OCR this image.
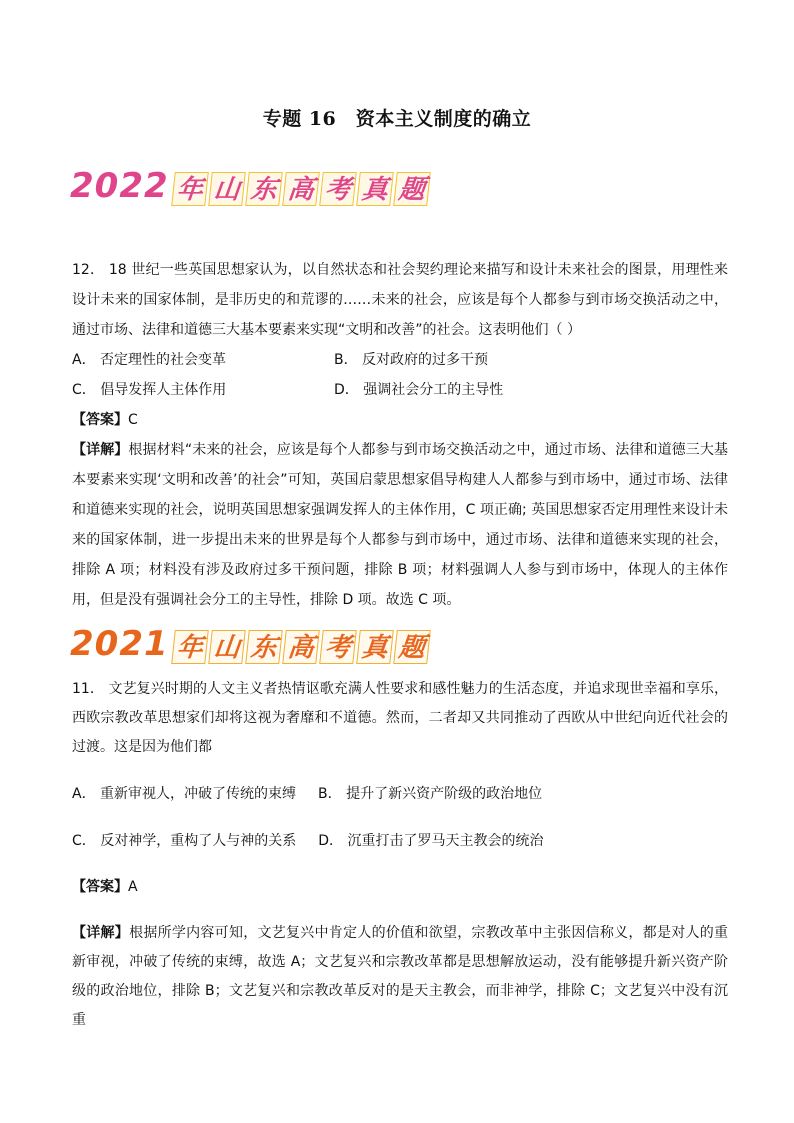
专题 16　资本主义制度的确立
2022 年 山 东 高 考 真 题

12． 18 世纪一些英国思想家认为，以自然状态和社会契约理论来描写和设计未来社会的图景，用理性来设计未来的国家体制，是非历史的和荒谬的……未来的社会，应该是每个人都参与到市场交换活动之中，通过市场、法律和道德三大基本要素来实现“文明和改善”的社会。这表明他们（ ）

A． 否定理性的社会变革	B． 反对政府的过多干预
C． 倡导发挥人主体作用	D． 强调社会分工的主导性

【答案】C

【详解】根据材料“未来的社会，应该是每个人都参与到市场交换活动之中，通过市场、法律和道德三大基本要素来实现‘文明和改善’的社会”可知，英国启蒙思想家倡导构建人人都参与到市场中，通过市场、法律和道德来实现的社会，说明英国思想家强调发挥人的主体作用，C 项正确; 英国思想家否定用理性来设计未来的国家体制，进一步提出未来的世界是每个人都参与到市场中，通过市场、法律和道德来实现的社会，排除 A 项；材料没有涉及政府过多干预问题，排除 B 项；材料强调人人参与到市场中，体现人的主体作用，但是没有强调社会分工的主导性，排除 D 项。故选 C 项。

2021 年 山 东 高 考 真 题

11． 文艺复兴时期的人文主义者热情讴歌充满人性要求和感性魅力的生活态度，并追求现世幸福和享乐，西欧宗教改革思想家们却将这视为奢靡和不道德。然而，二者却又共同推动了西欧从中世纪向近代社会的过渡。这是因为他们都

A． 重新审视人，冲破了传统的束缚 B． 提升了新兴资产阶级的政治地位
C． 反对神学，重构了人与神的关系 D． 沉重打击了罗马天主教会的统治

【答案】A

【详解】根据所学内容可知，文艺复兴中肯定人的价值和欲望，宗教改革中主张因信称义，都是对人的重新审视，冲破了传统的束缚，故选 A；文艺复兴和宗教改革都是思想解放运动，没有能够提升新兴资产阶级的政治地位，排除 B；文艺复兴和宗教改革反对的是天主教会，而非神学，排除 C；文艺复兴中没有沉重
